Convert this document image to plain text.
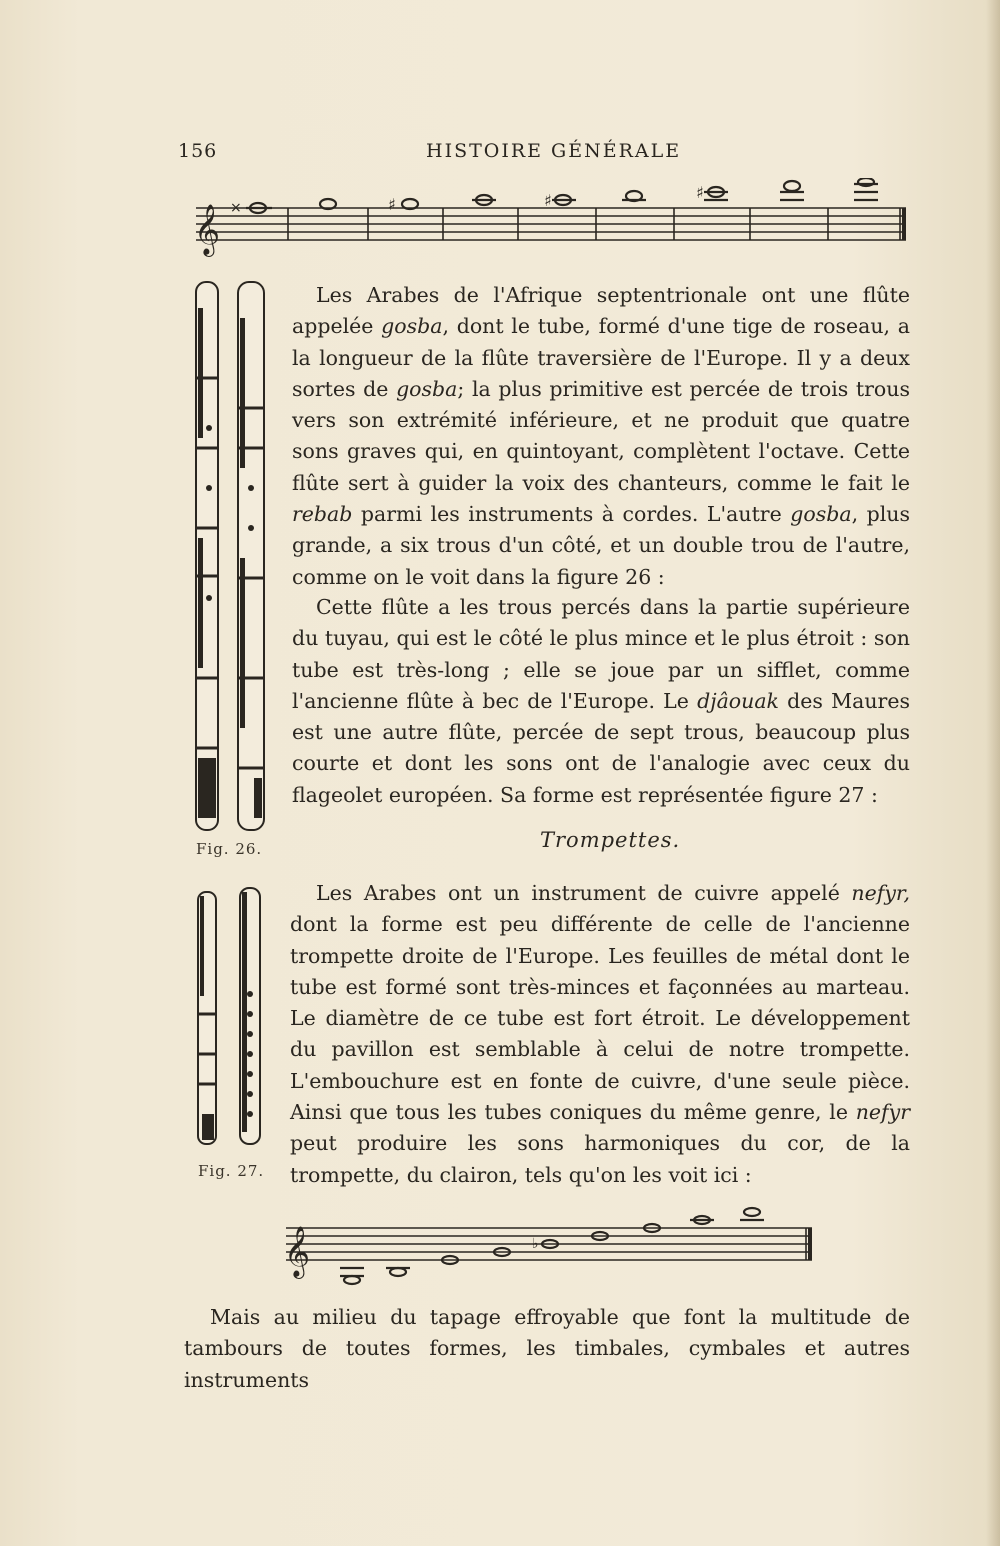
156	HISTOIRE GÉNÉRALE
𝄞 ×	♯	♯	♯
Fig. 26.
Fig. 27.

Les Arabes de l'Afrique septentrionale ont une flûte appelée gosba, dont le tube, formé d'une tige de roseau, a la longueur de la flûte traversière de l'Europe. Il y a deux sortes de gosba; la plus primitive est percée de trois trous vers son extrémité inférieure, et ne produit que quatre sons graves qui, en quintoyant, complètent l'octave. Cette flûte sert à guider la voix des chanteurs, comme le fait le rebab parmi les instruments à cordes. L'autre gosba, plus grande, a six trous d'un côté, et un double trou de l'autre, comme on le voit dans la figure 26 :

Cette flûte a les trous percés dans la partie supérieure du tuyau, qui est le côté le plus mince et le plus étroit : son tube est très-long ; elle se joue par un sifflet, comme l'ancienne flûte à bec de l'Europe. Le djâouak des Maures est une autre flûte, percée de sept trous, beaucoup plus courte et dont les sons ont de l'analogie avec ceux du flageolet européen. Sa forme est représentée figure 27 :

Trompettes.

Les Arabes ont un instrument de cuivre appelé nefyr, dont la forme est peu différente de celle de l'ancienne trompette droite de l'Europe. Les feuilles de métal dont le tube est formé sont très-minces et façonnées au marteau. Le diamètre de ce tube est fort étroit. Le développement du pavillon est semblable à celui de notre trompette. L'embouchure est en fonte de cuivre, d'une seule pièce. Ainsi que tous les tubes coniques du même genre, le nefyr peut produire les sons harmoniques du cor, de la trompette, du clairon, tels qu'on les voit ici :

𝄞	♭

Mais au milieu du tapage effroyable que font la multitude de tambours de toutes formes, les timbales, cymbales et autres instruments
